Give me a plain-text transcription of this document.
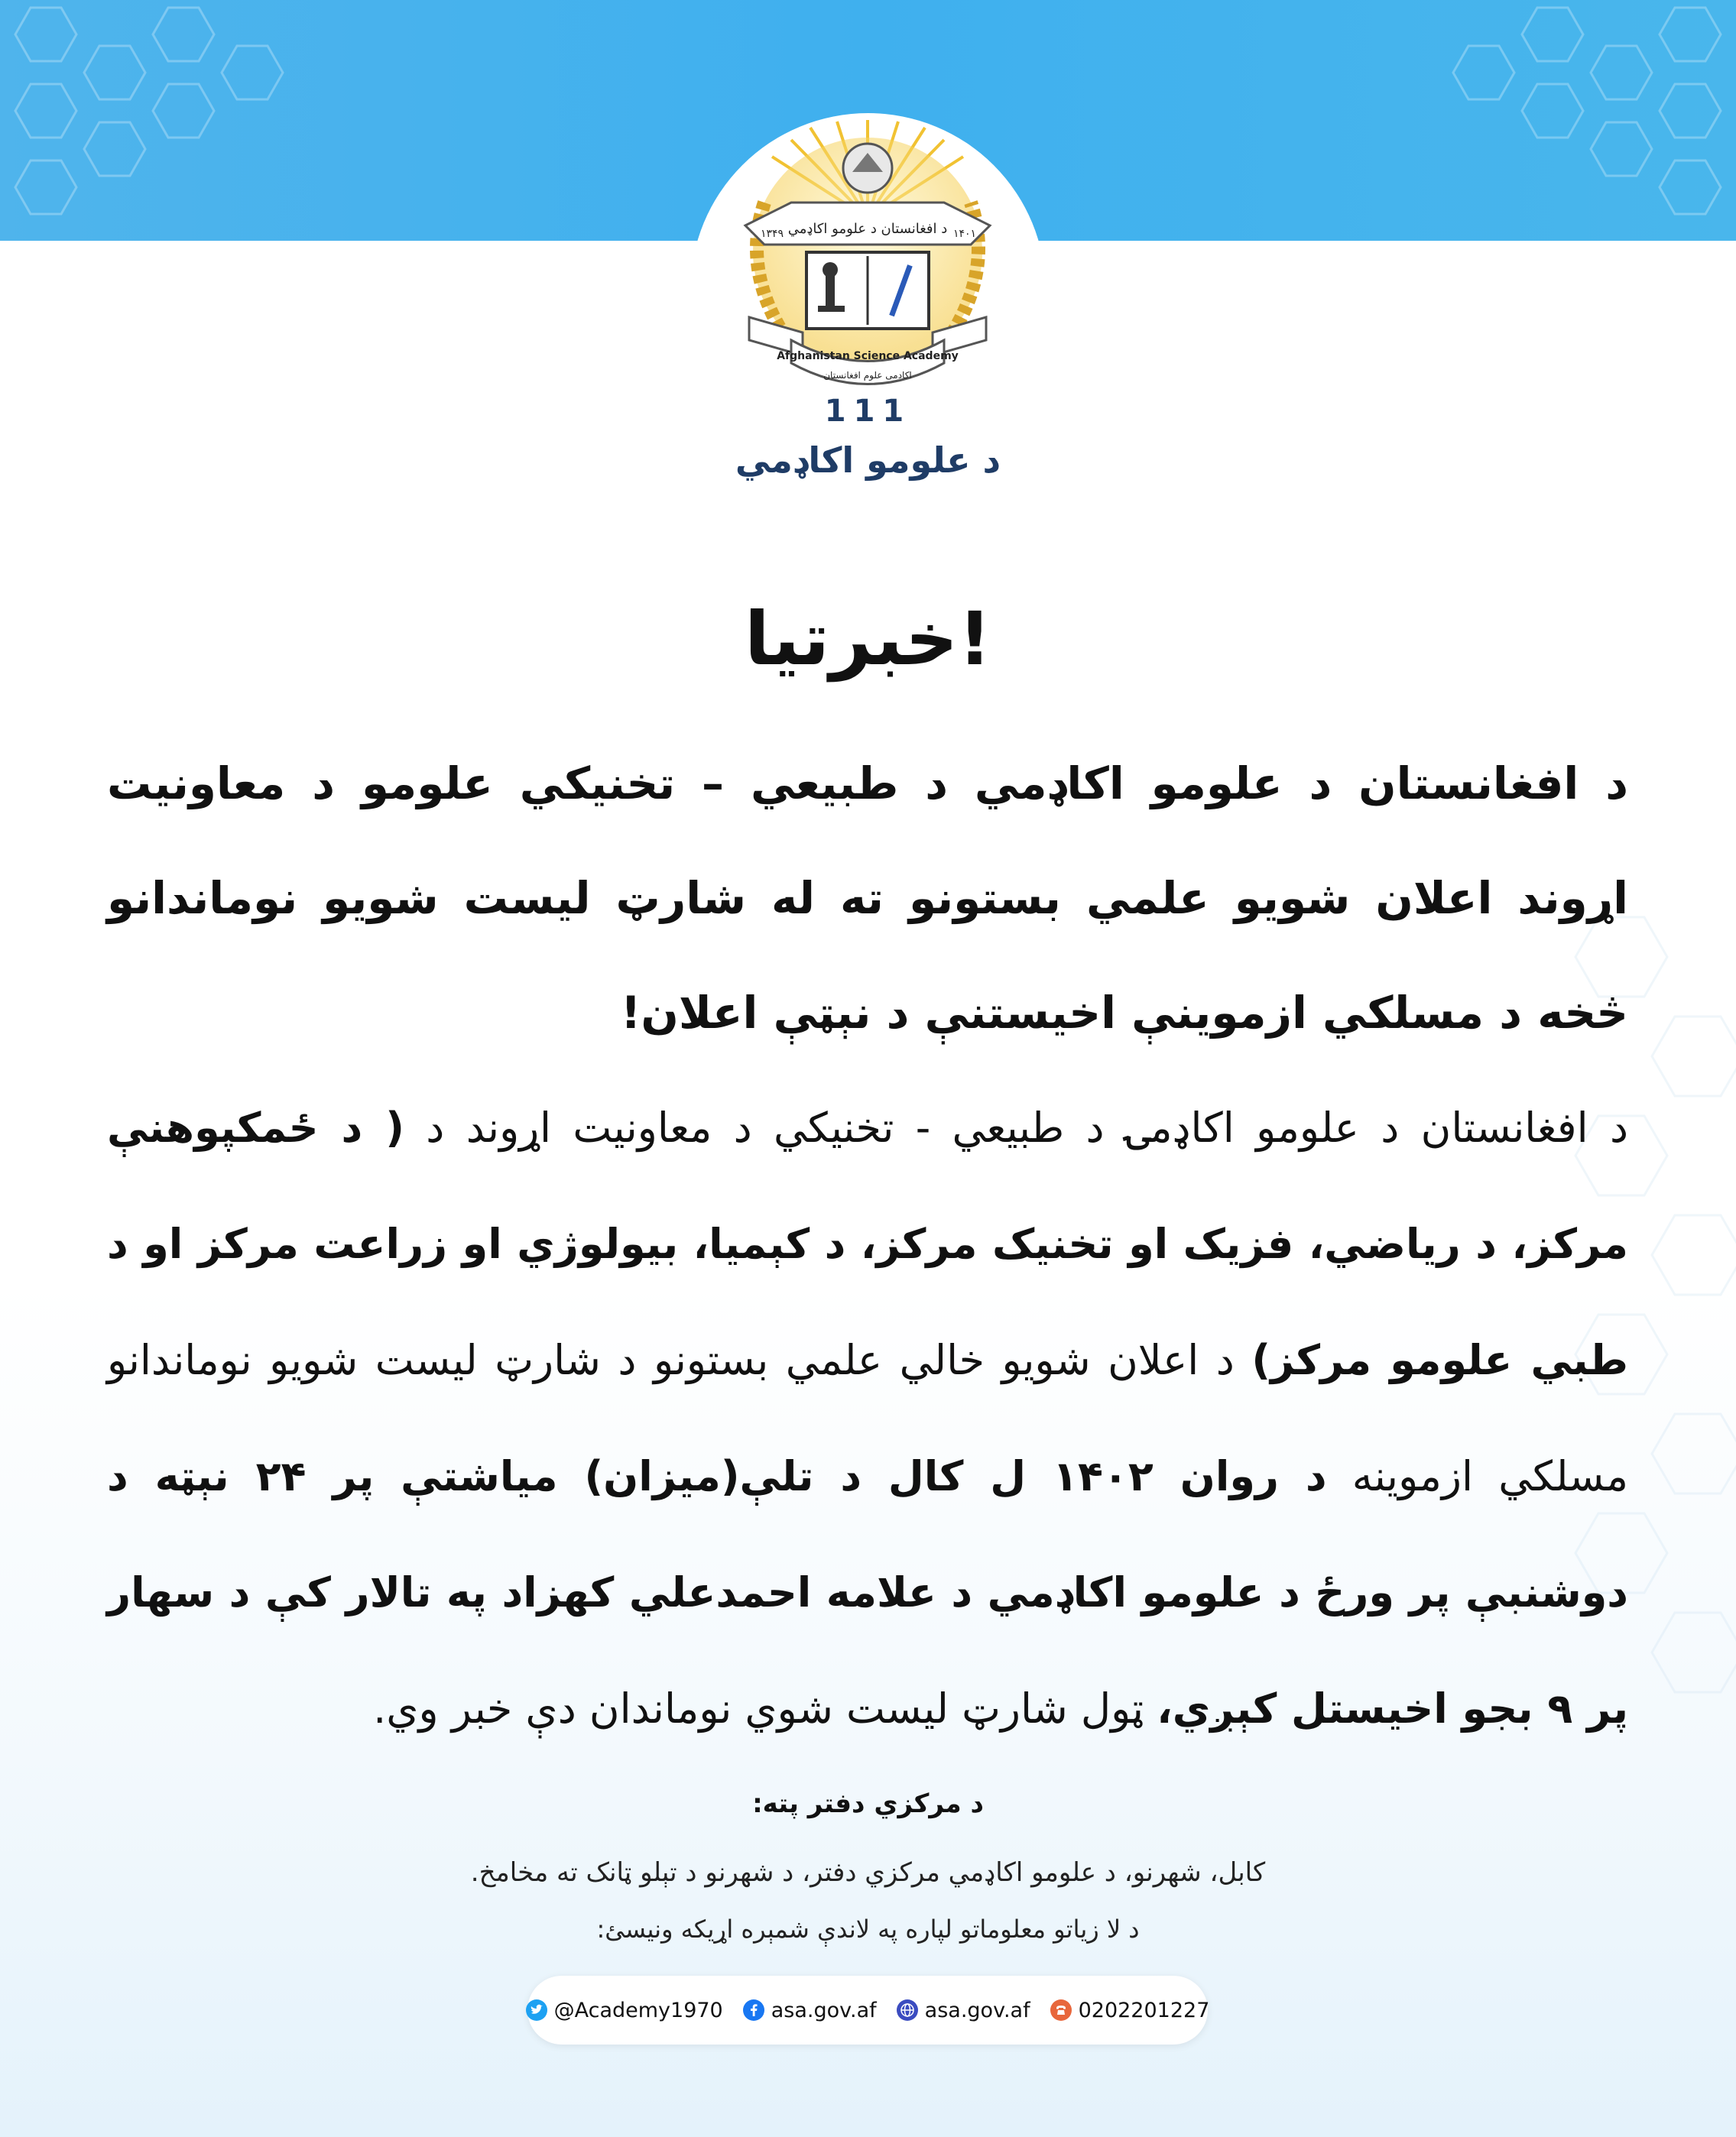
د افغانستان د علومو اکاډمي
۱۳۴۹	۱۴۰۱
Afghanistan Science Academy
اکادمی علوم افغانستان
111
د علومو اکاډمي
خبرتیا!

د افغانستان د علومو اکاډمي د طبیعي – تخنیکي علومو د معاونیت اړوند اعلان شویو علمي بستونو ته له شارټ لیست شویو نوماندانو څخه د مسلکي ازموینې اخیستنې د نېټې اعلان!

د افغانستان د علومو اکاډمۍ د طبیعي - تخنیکي د معاونیت اړوند د ( د ځمکپوهنې مرکز، د ریاضي، فزیک او تخنیک مرکز، د کېمیا، بیولوژي او زراعت مرکز او د طبي علومو مرکز) د اعلان شویو خالي علمي بستونو د شارټ لیست شویو نوماندانو مسلکي ازموینه د روان ۱۴۰۲ ل کال د تلې(میزان) میاشتې پر ۲۴ نېټه د دوشنبې پر ورځ د علومو اکاډمي د علامه احمدعلي کهزاد په تالار کې د سهار پر ۹ بجو اخیستل کېږي، ټول شارټ لیست شوي نوماندان دې خبر وي.

د مرکزي دفتر پته:
کابل، شهرنو، د علومو اکاډمي مرکزي دفتر، د شهرنو د تېلو ټانک ته مخامخ.
د لا زیاتو معلوماتو لپاره په لاندې شمېره اړیکه ونیسئ:
@Academy1970 asa.gov.af asa.gov.af 0202201227
